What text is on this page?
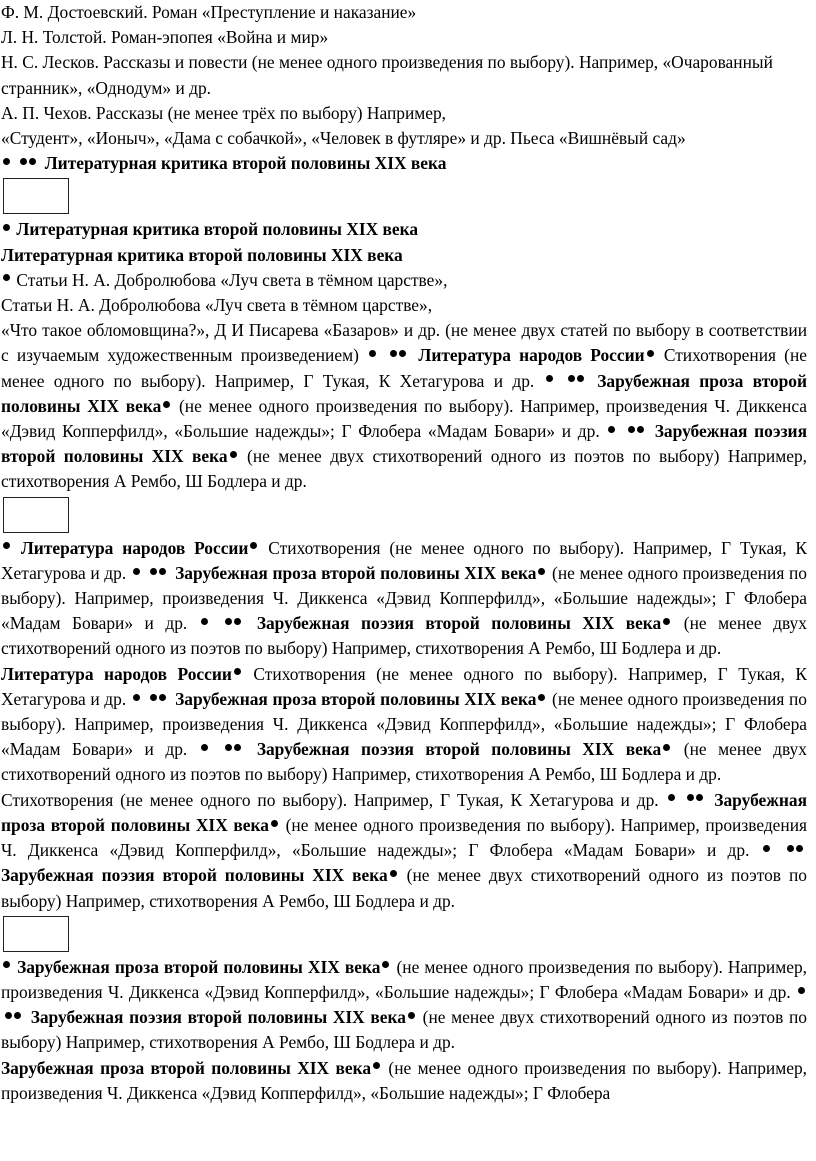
Ф. М. Достоевский. Роман «Преступление и наказание»

Л. Н. Толстой. Роман-эпопея «Война и мир»

Н. С. Лесков. Рассказы и повести (не менее одного произведения по выбору). Например, «Очарованный странник», «Однодум» и др.

А. П. Чехов. Рассказы (не менее трёх по выбору) Например,

«Студент», «Ионыч», «Дама с собачкой», «Человек в футляре» и др. Пьеса «Вишнёвый сад»

Литературная критика второй половины XIX века

Литературная критика второй половины XIX века

Литературная критика второй половины XIX века

Статьи Н. А. Добролюбова «Луч света в тёмном царстве»,

Статьи Н. А. Добролюбова «Луч света в тёмном царстве»,

«Что такое обломовщина?», Д И Писарева «Базаров» и др. (не менее двух статей по выбору в соответствии с изучаемым художественным произведением)	Литература народов России Стихотворения (не менее одного по выбору). Например, Г Тукая, К Хетагурова и др.	Зарубежная проза второй половины XIX века (не менее одного произведения по выбору). Например, произведения Ч. Диккенса «Дэвид Копперфилд», «Большие надежды»; Г Флобера «Мадам Бовари» и др.	Зарубежная поэзия второй половины XIX века (не менее двух стихотворений одного из поэтов по выбору) Например, стихотворения А Рембо, Ш Бодлера и др.

Литература народов России Стихотворения (не менее одного по выбору). Например, Г Тукая, К Хетагурова и др.	Зарубежная проза второй половины XIX века (не менее одного произведения по выбору). Например, произведения Ч. Диккенса «Дэвид Копперфилд», «Большие надежды»; Г Флобера «Мадам Бовари» и др.	Зарубежная поэзия второй половины XIX века (не менее двух стихотворений одного из поэтов по выбору) Например, стихотворения А Рембо, Ш Бодлера и др.

Литература народов России Стихотворения (не менее одного по выбору). Например, Г Тукая, К Хетагурова и др.	Зарубежная проза второй половины XIX века (не менее одного произведения по выбору). Например, произведения Ч. Диккенса «Дэвид Копперфилд», «Большие надежды»; Г Флобера «Мадам Бовари» и др.	Зарубежная поэзия второй половины XIX века (не менее двух стихотворений одного из поэтов по выбору) Например, стихотворения А Рембо, Ш Бодлера и др.

Стихотворения (не менее одного по выбору). Например, Г Тукая, К Хетагурова и др.	Зарубежная проза второй половины XIX века (не менее одного произведения по выбору). Например, произведения Ч. Диккенса «Дэвид Копперфилд», «Большие надежды»; Г Флобера «Мадам Бовари» и др.   Зарубежная поэзия второй половины XIX века (не менее двух стихотворений одного из поэтов по выбору) Например, стихотворения А Рембо, Ш Бодлера и др.

Зарубежная проза второй половины XIX века (не менее одного произведения по выбору). Например, произведения Ч. Диккенса «Дэвид Копперфилд», «Большие надежды»; Г Флобера «Мадам Бовари» и др.   Зарубежная поэзия второй половины XIX века (не менее двух стихотворений одного из поэтов по выбору) Например, стихотворения А Рембо, Ш Бодлера и др.

Зарубежная проза второй половины XIX века (не менее одного произведения по выбору). Например, произведения Ч. Диккенса «Дэвид Копперфилд», «Большие надежды»; Г Флобера
